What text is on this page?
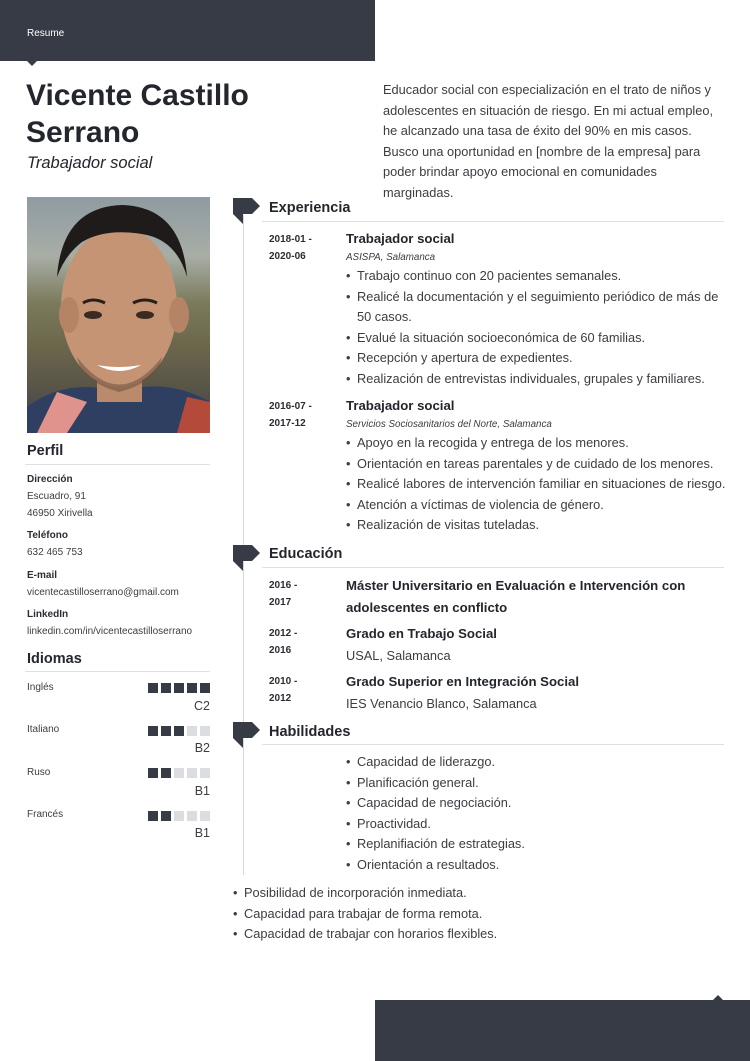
Resume
Vicente Castillo
Serrano
Trabajador social

Educador social con especialización en el trato de niños y adolescentes en situación de riesgo. En mi actual empleo, he alcanzado una tasa de éxito del 90% en mis casos. Busco una oportunidad en [nombre de la empresa] para poder brindar apoyo emocional en comunidades marginadas.

Perfil
Dirección
Escuadro, 91
46950 Xirivella
Teléfono
632 465 753
E-mail
vicentecastilloserrano@gmail.com
LinkedIn
linkedin.com/in/vicentecastilloserrano
Idiomas
Inglés
C2
Italiano
B2
Ruso
B1
Francés
B1
Experiencia
2018-01 -
2020-06
Trabajador social
ASISPA, Salamanca
• Trabajo continuo con 20 pacientes semanales.
• Realicé la documentación y el seguimiento periódico de más de 50 casos.
• Evalué la situación socioeconómica de 60 familias.
• Recepción y apertura de expedientes.
• Realización de entrevistas individuales, grupales y familiares.
2016-07 -
2017-12
Trabajador social
Servicios Sociosanitarios del Norte, Salamanca
• Apoyo en la recogida y entrega de los menores.
• Orientación en tareas parentales y de cuidado de los menores.
• Realicé labores de intervención familiar en situaciones de riesgo.
• Atención a víctimas de violencia de género.
• Realización de visitas tuteladas.
Educación
2016 -
2017
Máster Universitario en Evaluación e Intervención con adolescentes en conflicto
2012 -
2016
Grado en Trabajo Social
USAL, Salamanca
2010 -
2012
Grado Superior en Integración Social
IES Venancio Blanco, Salamanca
Habilidades
• Capacidad de liderazgo.
• Planificación general.
• Capacidad de negociación.
• Proactividad.
• Replanifiación de estrategias.
• Orientación a resultados.
• Posibilidad de incorporación inmediata.
• Capacidad para trabajar de forma remota.
• Capacidad de trabajar con horarios flexibles.
